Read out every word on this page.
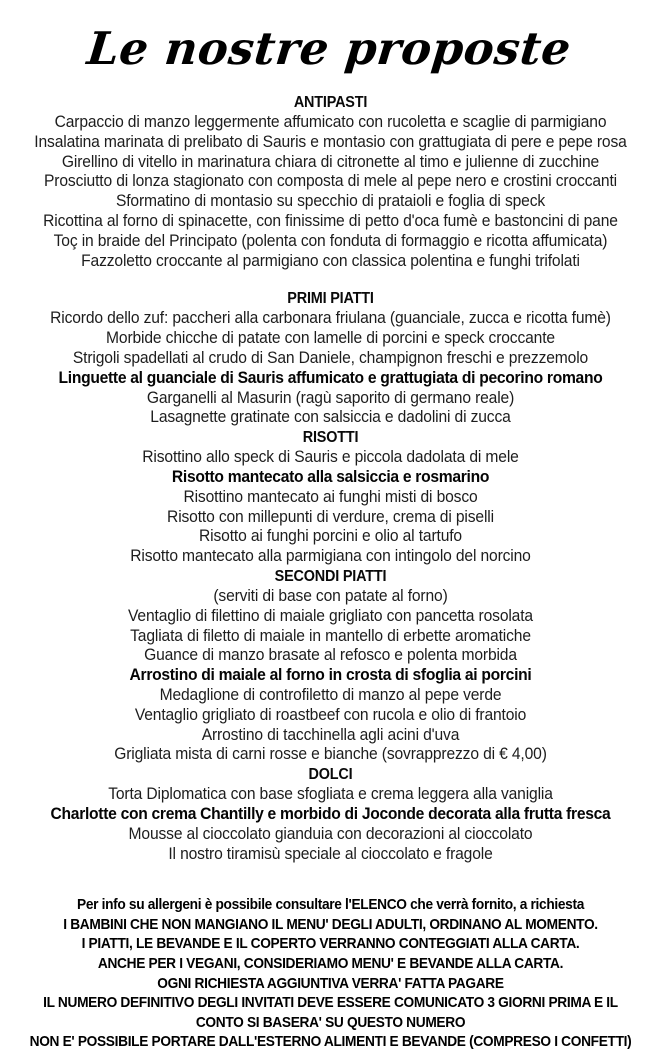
Le nostre proposte
ANTIPASTI
Carpaccio di manzo leggermente affumicato con rucoletta e scaglie di parmigiano
Insalatina marinata di prelibato di Sauris e montasio con grattugiata di pere e pepe rosa
Girellino di vitello in marinatura chiara di citronette al timo e julienne di zucchine
Prosciutto di lonza stagionato con composta di mele al pepe nero e crostini croccanti
Sformatino di montasio su specchio di prataioli e foglia di speck
Ricottina al forno di spinacette, con finissime di petto d'oca fumè e bastoncini di pane
Toç in braide del Principato (polenta con fonduta di formaggio e ricotta affumicata)
Fazzoletto croccante al parmigiano con classica polentina e funghi trifolati
PRIMI PIATTI
Ricordo dello zuf: paccheri alla carbonara friulana (guanciale, zucca e ricotta fumè)
Morbide chicche di patate con lamelle di porcini e speck croccante
Strigoli spadellati al crudo di San Daniele, champignon freschi e prezzemolo
Linguette al guanciale di Sauris affumicato e grattugiata di pecorino romano
Garganelli al Masurin (ragù saporito di germano reale)
Lasagnette gratinate con salsiccia e dadolini di zucca
RISOTTI
Risottino allo speck di Sauris e piccola dadolata di mele
Risotto mantecato alla salsiccia e rosmarino
Risottino mantecato ai funghi misti di bosco
Risotto con millepunti di verdure, crema di piselli
Risotto ai funghi porcini e olio al tartufo
Risotto mantecato alla parmigiana con intingolo del norcino
SECONDI PIATTI
(serviti di base con patate al forno)
Ventaglio di filettino di maiale grigliato con pancetta rosolata
Tagliata di filetto di maiale in mantello di erbette aromatiche
Guance di manzo brasate al refosco e polenta morbida
Arrostino di maiale al forno in crosta di sfoglia ai porcini
Medaglione di controfiletto di manzo al pepe verde
Ventaglio grigliato di roastbeef con rucola e olio di frantoio
Arrostino di tacchinella agli acini d'uva
Grigliata mista di carni rosse e bianche (sovrapprezzo di € 4,00)
DOLCI
Torta Diplomatica con base sfogliata e crema leggera alla vaniglia
Charlotte con crema Chantilly e morbido di Joconde decorata alla frutta fresca
Mousse al cioccolato gianduia con decorazioni al cioccolato
Il nostro tiramisù speciale al cioccolato e fragole
Per info su allergeni è possibile consultare l'ELENCO che verrà fornito, a richiesta
I BAMBINI CHE NON MANGIANO IL MENU' DEGLI ADULTI, ORDINANO AL MOMENTO.
I PIATTI, LE BEVANDE E IL COPERTO VERRANNO CONTEGGIATI ALLA CARTA.
ANCHE PER I VEGANI, CONSIDERIAMO MENU' E BEVANDE ALLA CARTA.
OGNI RICHIESTA AGGIUNTIVA VERRA' FATTA PAGARE
IL NUMERO DEFINITIVO DEGLI INVITATI DEVE ESSERE COMUNICATO 3 GIORNI PRIMA E IL
CONTO SI BASERA' SU QUESTO NUMERO
NON E' POSSIBILE PORTARE DALL'ESTERNO ALIMENTI E BEVANDE (COMPRESO I CONFETTI)
